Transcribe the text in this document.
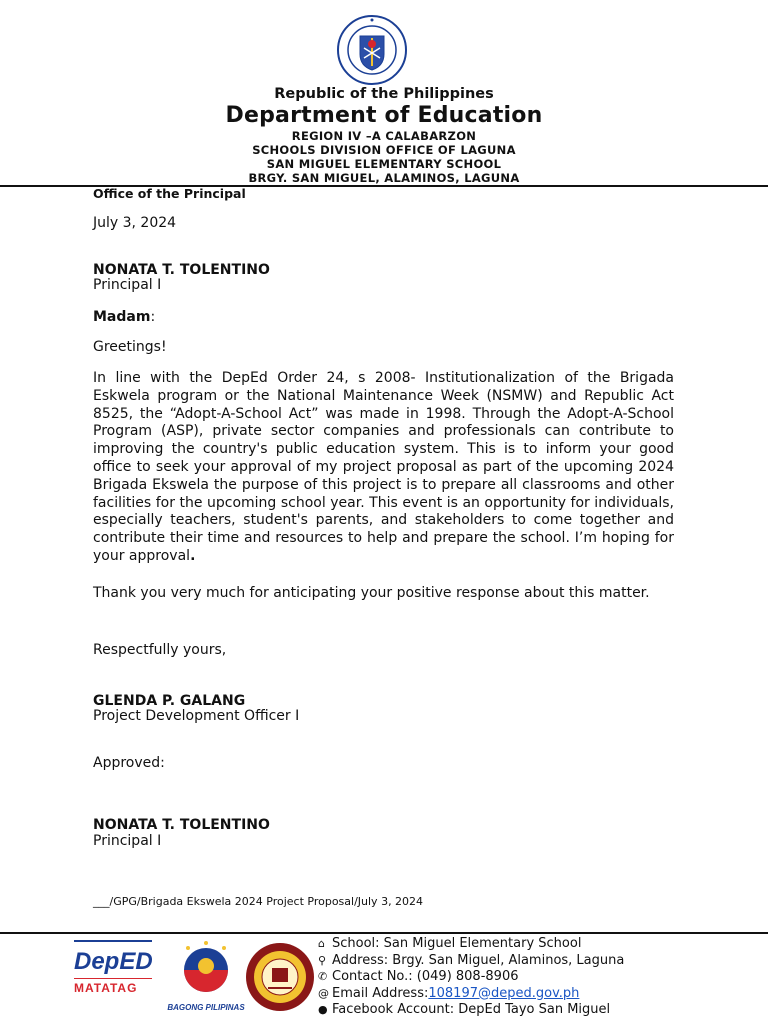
Republic of the Philippines
Department of Education
REGION IV –A CALABARZON
SCHOOLS DIVISION OFFICE OF LAGUNA
SAN MIGUEL ELEMENTARY SCHOOL
BRGY. SAN MIGUEL, ALAMINOS, LAGUNA
Office of the Principal
July 3, 2024
NONATA T. TOLENTINO
Principal I
Madam:
Greetings!
In line with the DepEd Order 24, s 2008- Institutionalization of the Brigada Eskwela program or the National Maintenance Week (NSMW) and Republic Act 8525, the “Adopt-A-School Act” was made in 1998. Through the Adopt-A-School Program (ASP), private sector companies and professionals can contribute to improving the country's public education system. This is to inform your good office to seek your approval of my project proposal as part of the upcoming 2024 Brigada Ekswela the purpose of this project is to prepare all classrooms and other facilities for the upcoming school year. This event is an opportunity for individuals, especially teachers, student's parents, and stakeholders to come together and contribute their time and resources to help and prepare the school. I’m hoping for your approval.
Thank you very much for anticipating your positive response about this matter.
Respectfully yours,
GLENDA P. GALANG
Project Development Officer I
Approved:
NONATA T. TOLENTINO
Principal I
___/GPG/Brigada Ekswela 2024 Project Proposal/July 3, 2024
DepED
MATATAG
BAGONG PILIPINAS
⌂ School: San Miguel Elementary School
⚲ Address: Brgy. San Miguel, Alaminos, Laguna
✆ Contact No.: (049) 808-8906
@ Email Address:108197@deped.gov.ph
● Facebook Account: DepEd Tayo San Miguel
